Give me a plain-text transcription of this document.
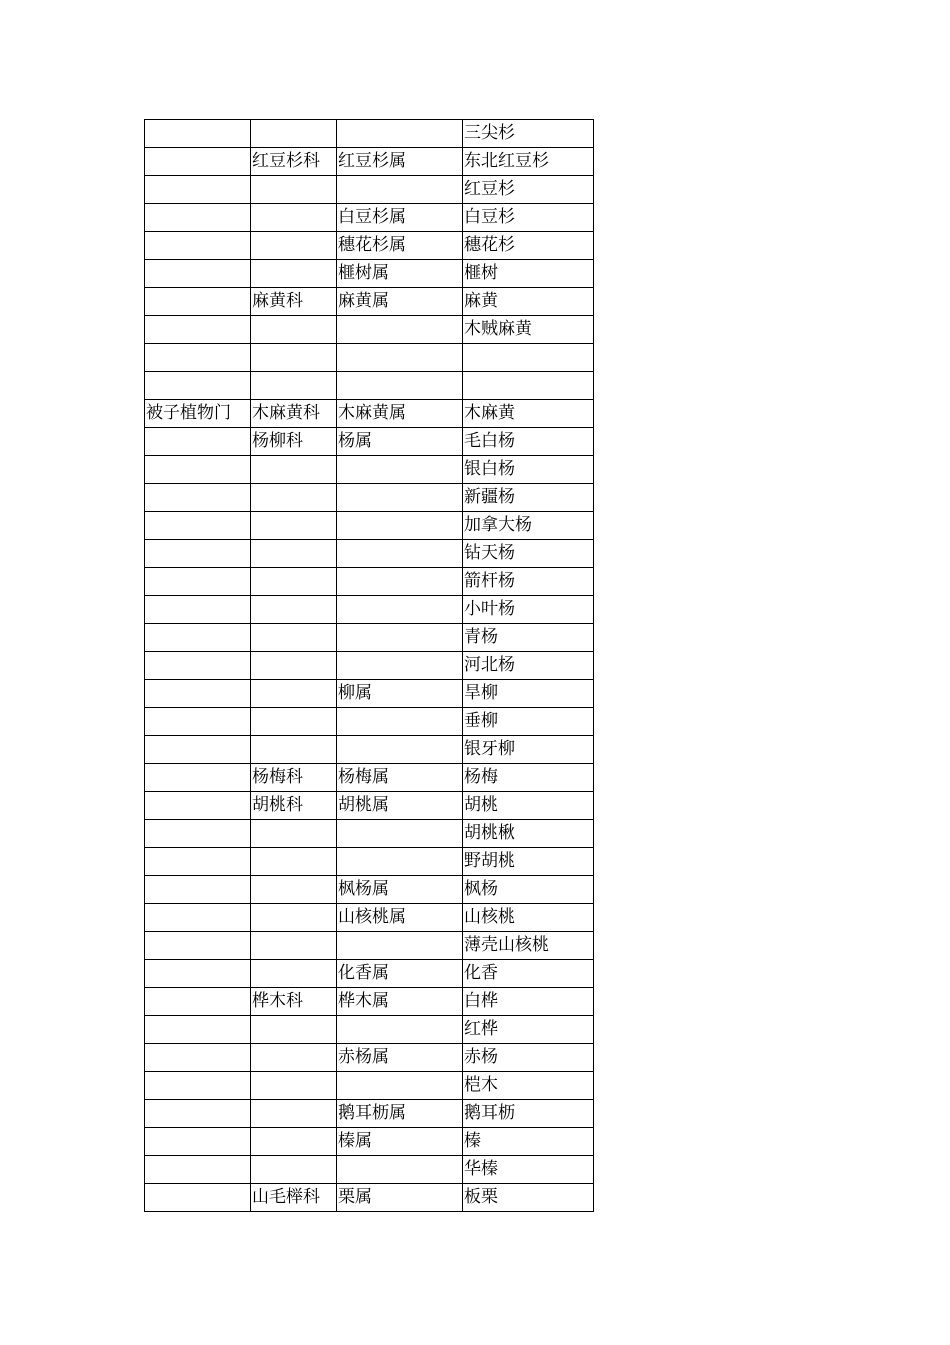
			三尖杉
	红豆杉科	红豆杉属	东北红豆杉
			红豆杉
		白豆杉属	白豆杉
		穗花杉属	穗花杉
		榧树属	榧树
	麻黄科	麻黄属	麻黄
			木贼麻黄

被子植物门	木麻黄科	木麻黄属	木麻黄
	杨柳科	杨属	毛白杨
			银白杨
			新疆杨
			加拿大杨
			钻天杨
			箭杆杨
			小叶杨
			青杨
			河北杨
		柳属	旱柳
			垂柳
			银牙柳
	杨梅科	杨梅属	杨梅
	胡桃科	胡桃属	胡桃
			胡桃楸
			野胡桃
		枫杨属	枫杨
		山核桃属	山核桃
			薄壳山核桃
		化香属	化香
	桦木科	桦木属	白桦
			红桦
		赤杨属	赤杨
			桤木
		鹅耳枥属	鹅耳枥
		榛属	榛
			华榛
	山毛榉科	栗属	板栗
